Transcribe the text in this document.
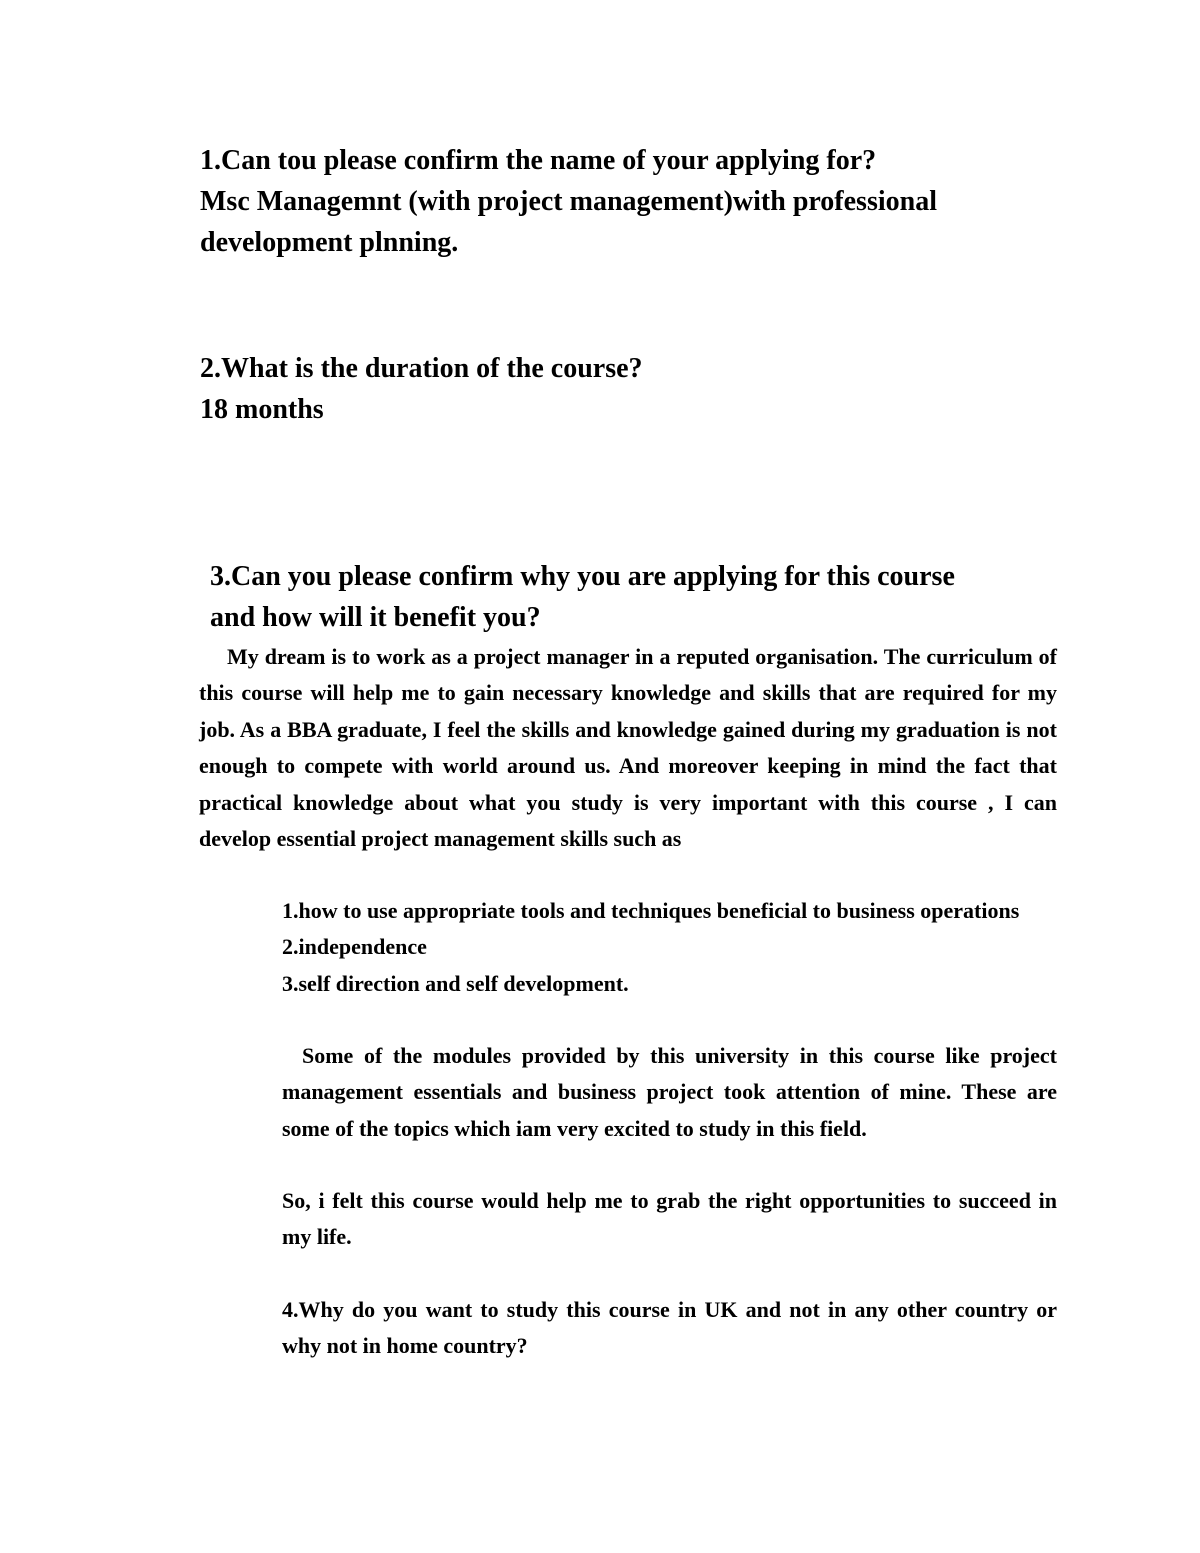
1.Can tou please confirm the name of your applying for?
Msc Managemnt (with project management)with professional
development plnning.
2.What is the duration of the course?
18 months
3.Can you please confirm why you are applying for this course
and how will it benefit you?

My dream is to work as a project manager in a reputed organisation. The curriculum of this course will help me to gain necessary knowledge and skills that are required for my job. As a BBA graduate, I feel the skills and knowledge gained during my graduation is not enough to compete with world around us. And moreover keeping in mind the fact that practical knowledge about what you study is very important with this course , I can develop essential project management skills such as

1.how to use appropriate tools and techniques beneficial to business operations
2.independence
3.self direction and self development.

Some of the modules provided by this university in this course like project management essentials and business project took attention of mine. These are some of the topics which iam very excited to study in this field.

So, i felt this course would help me to grab the right opportunities to succeed in my life.

4.Why do you want to study this course in UK and not in any other country or why not in home country?
